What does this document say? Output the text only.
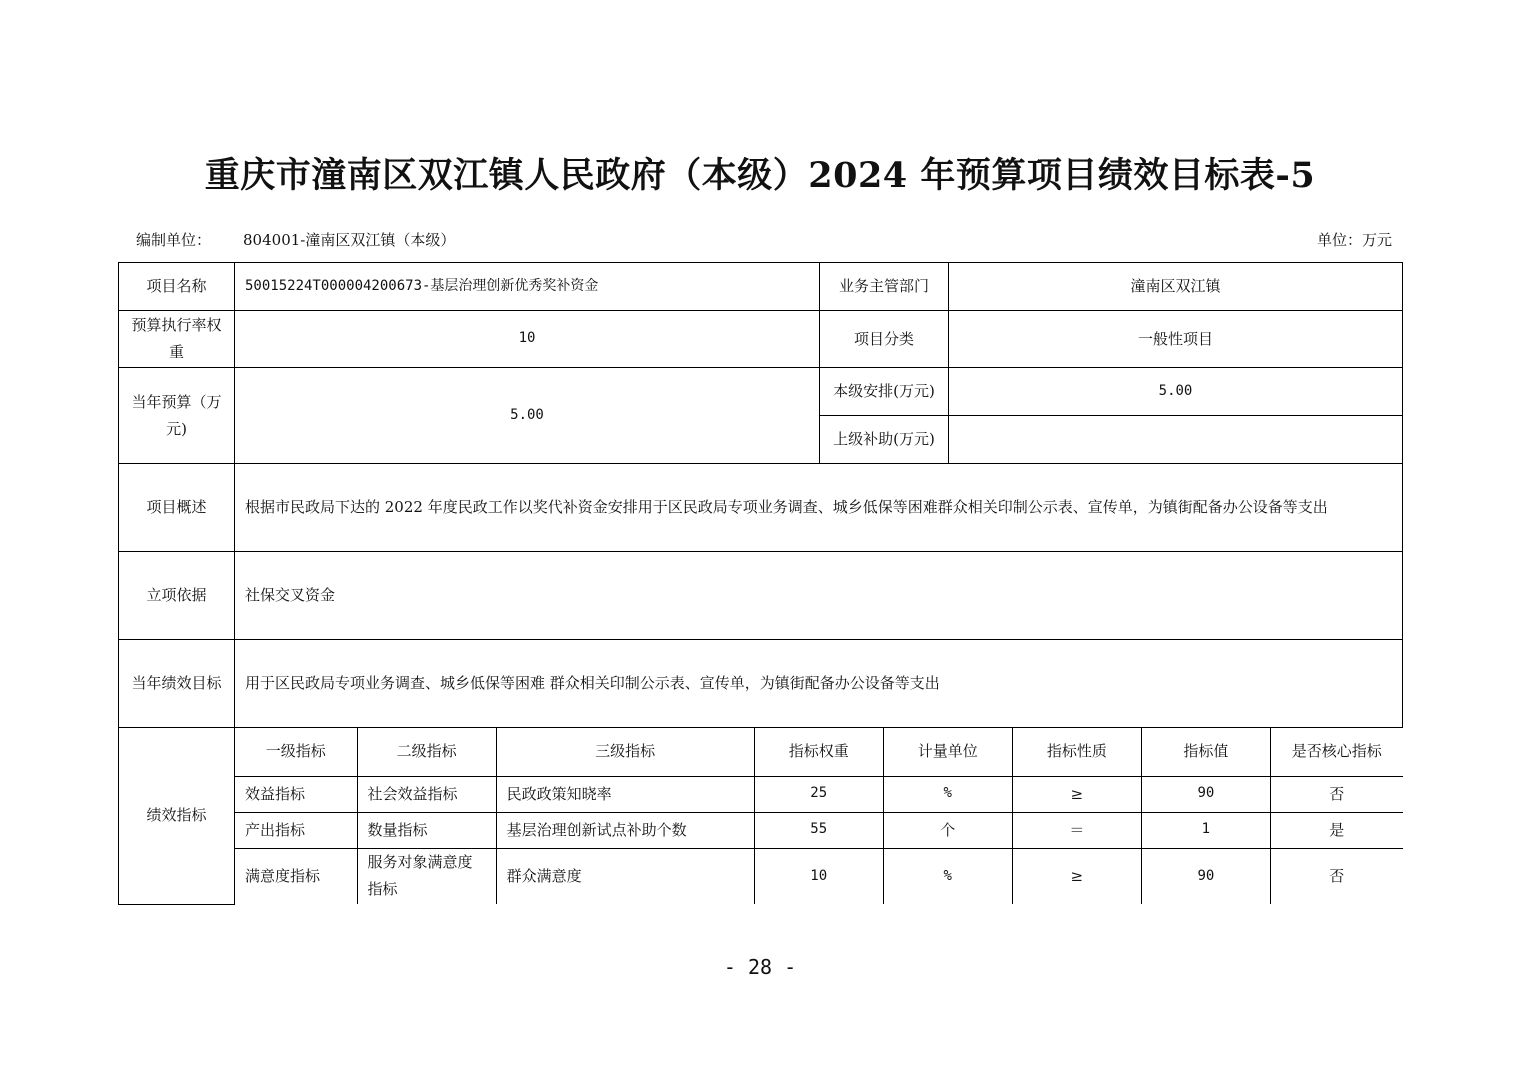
重庆市潼南区双江镇人民政府（本级）2024 年预算项目绩效目标表-5
编制单位： 804001-潼南区双江镇（本级）	单位：万元
项目名称	50015224T000004200673-基层治理创新优秀奖补资金	业务主管部门	潼南区双江镇
预算执行率权重	10	项目分类	一般性项目
当年预算（万元)	5.00	本级安排(万元)	5.00
上级补助(万元)	
项目概述	根据市民政局下达的 2022 年度民政工作以奖代补资金安排用于区民政局专项业务调查、城乡低保等困难群众相关印制公示表、宣传单，为镇街配备办公设备等支出
立项依据	社保交叉资金
当年绩效目标	用于区民政局专项业务调查、城乡低保等困难 群众相关印制公示表、宣传单，为镇街配备办公设备等支出
绩效指标	
一级指标	二级指标	三级指标	指标权重	计量单位	指标性质	指标值	是否核心指标
效益指标	社会效益指标	民政政策知晓率	25	%	≥	90	否
产出指标	数量指标	基层治理创新试点补助个数	55	个	＝	1	是
满意度指标	服务对象满意度指标	群众满意度	10	%	≥	90	否
- 28 -
